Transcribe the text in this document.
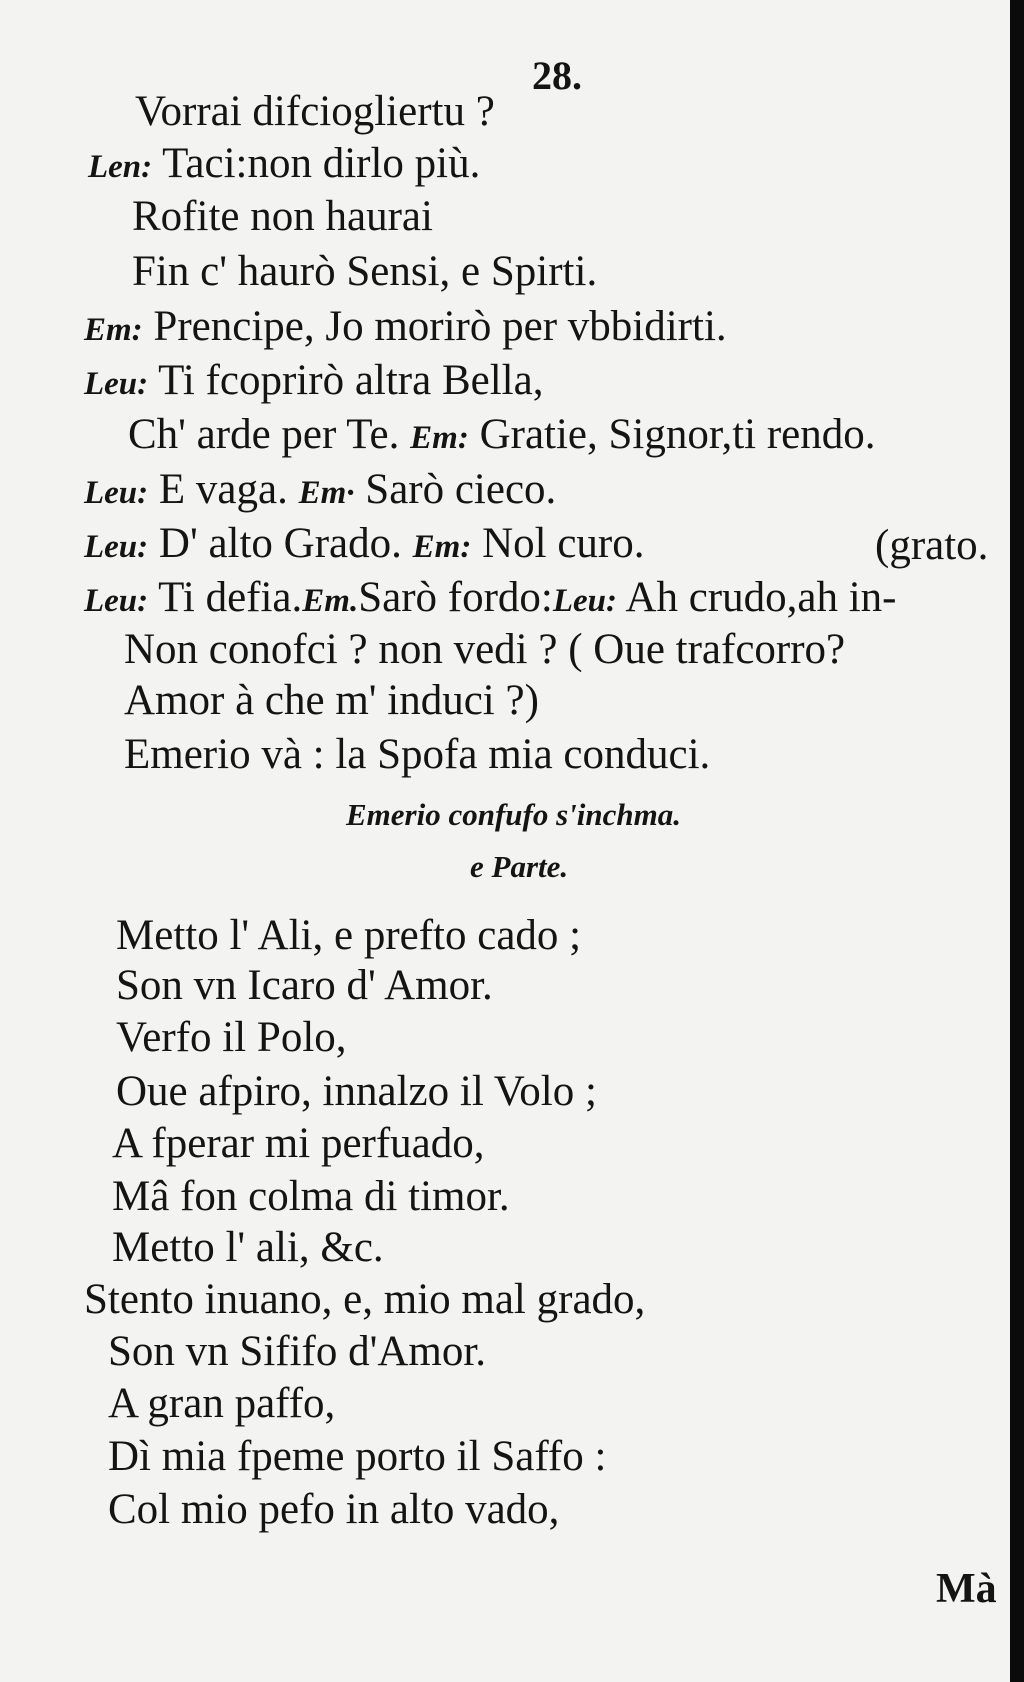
28.
Vorrai difciogliertu ?
Len: Taci:non dirlo più.
Rofite non haurai
Fin c' haurò Sensi, e Spirti.
Em: Prencipe, Jo morirò per vbbidirti.
Leu: Ti fcoprirò altra Bella,
Ch' arde per Te. Em: Gratie, Signor,ti rendo.
Leu: E vaga. Em· Sarò cieco.
Leu: D' alto Grado. Em: Nol curo.	(grato.
Leu: Ti defia.Em.Sarò fordo:Leu: Ah crudo,ah in-
Non conofci ? non vedi ? ( Oue trafcorro?
Amor à che m' induci ?)
Emerio và : la Spofa mia conduci.
Metto l' Ali, e prefto cado ;
Son vn Icaro d' Amor.
Verfo il Polo,
Oue afpiro, innalzo il Volo ;
A fperar mi perfuado,
Mâ fon colma di timor.
Metto l' ali, &c.
Stento inuano, e, mio mal grado,
Son vn Sififo d'Amor.
A gran paffo,
Dì mia fpeme porto il Saffo :
Col mio pefo in alto vado,
Emerio confufo s'inchma.
e Parte.
Mà
